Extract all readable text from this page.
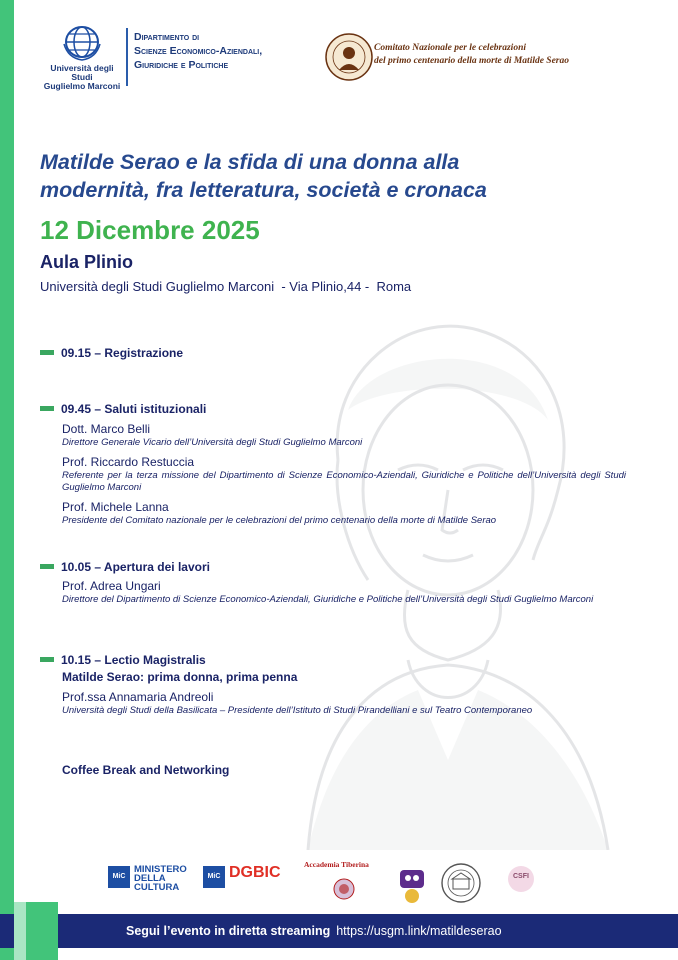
Università degli Studi
Guglielmo Marconi
Dipartimento di
Scienze Economico-Aziendali,
Giuridiche e Politiche
Comitato Nazionale per le celebrazioni
del primo centenario della morte di Matilde Serao
Matilde Serao e la sfida di una donna alla
modernità, fra letteratura, società e cronaca
12 Dicembre 2025
Aula Plinio
Università degli Studi Guglielmo Marconi  - Via Plinio,44 -  Roma
09.15 – Registrazione
09.45 – Saluti istituzionali
Dott. Marco Belli
Direttore Generale Vicario dell’Università degli Studi Guglielmo Marconi
Prof. Riccardo Restuccia
Referente per la terza missione del Dipartimento di Scienze Economico-Aziendali, Giuridiche e Politiche dell’Università degli Studi Guglielmo Marconi
Prof. Michele Lanna
Presidente del Comitato nazionale per le celebrazioni del primo centenario della morte di Matilde Serao
10.05 – Apertura dei lavori
Prof. Adrea Ungari
Direttore del Dipartimento di Scienze Economico-Aziendali, Giuridiche e Politiche dell’Università degli Studi Guglielmo Marconi
10.15 – Lectio Magistralis
Matilde Serao: prima donna, prima penna
Prof.ssa Annamaria Andreoli
Università degli Studi della Basilicata – Presidente dell’Istituto di Studi Pirandelliani e sul Teatro Contemporaneo
Coffee Break and Networking
MiC
MINISTERO
DELLA
CULTURA
MiC DGBIC	Accademia Tiberina
CSFI
Segui l’evento in diretta streaming https://usgm.link/matildeserao
